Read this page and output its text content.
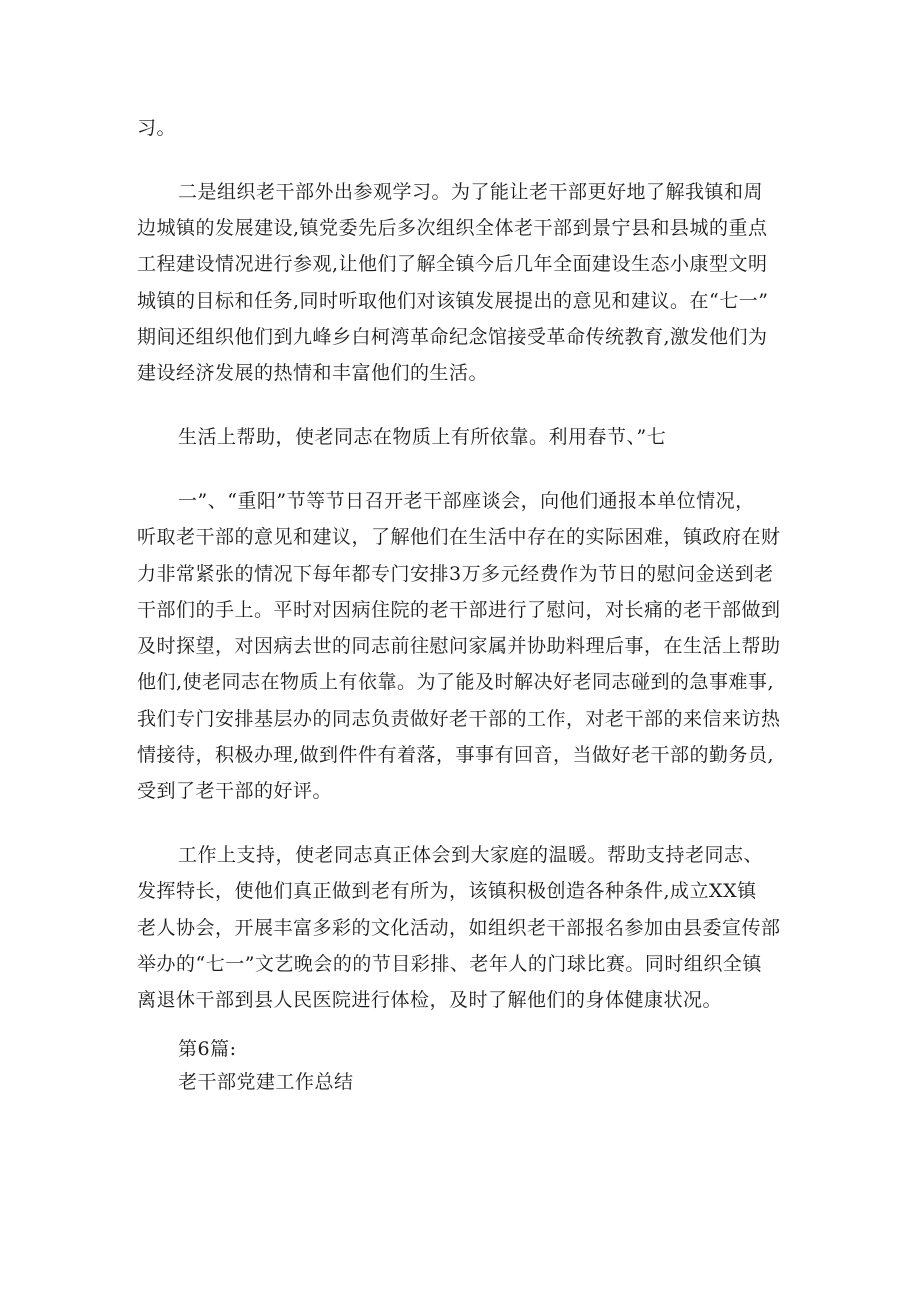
习。
二是组织老干部外出参观学习。为了能让老干部更好地了解我镇和周
边城镇的发展建设,镇党委先后多次组织全体老干部到景宁县和县城的重点
工程建设情况进行参观,让他们了解全镇今后几年全面建设生态小康型文明
城镇的目标和任务,同时听取他们对该镇发展提出的意见和建议。在“七一”
期间还组织他们到九峰乡白柯湾革命纪念馆接受革命传统教育,激发他们为
建设经济发展的热情和丰富他们的生活。
生活上帮助，使老同志在物质上有所依靠。利用春节、”七
一”、“重阳”节等节日召开老干部座谈会，向他们通报本单位情况，
听取老干部的意见和建议，了解他们在生活中存在的实际困难，镇政府在财
力非常紧张的情况下每年都专门安排3万多元经费作为节日的慰问金送到老
干部们的手上。平时对因病住院的老干部进行了慰问，对长痛的老干部做到
及时探望，对因病去世的同志前往慰问家属并协助料理后事，在生活上帮助
他们,使老同志在物质上有依靠。为了能及时解决好老同志碰到的急事难事,
我们专门安排基层办的同志负责做好老干部的工作，对老干部的来信来访热
情接待，积极办理,做到件件有着落，事事有回音，当做好老干部的勤务员,
受到了老干部的好评。
工作上支持，使老同志真正体会到大家庭的温暖。帮助支持老同志、
发挥特长，使他们真正做到老有所为，该镇积极创造各种条件,成立XX镇
老人协会，开展丰富多彩的文化活动，如组织老干部报名参加由县委宣传部
举办的“七一”文艺晚会的的节目彩排、老年人的门球比赛。同时组织全镇
离退休干部到县人民医院进行体检，及时了解他们的身体健康状况。
第6篇:
老干部党建工作总结
